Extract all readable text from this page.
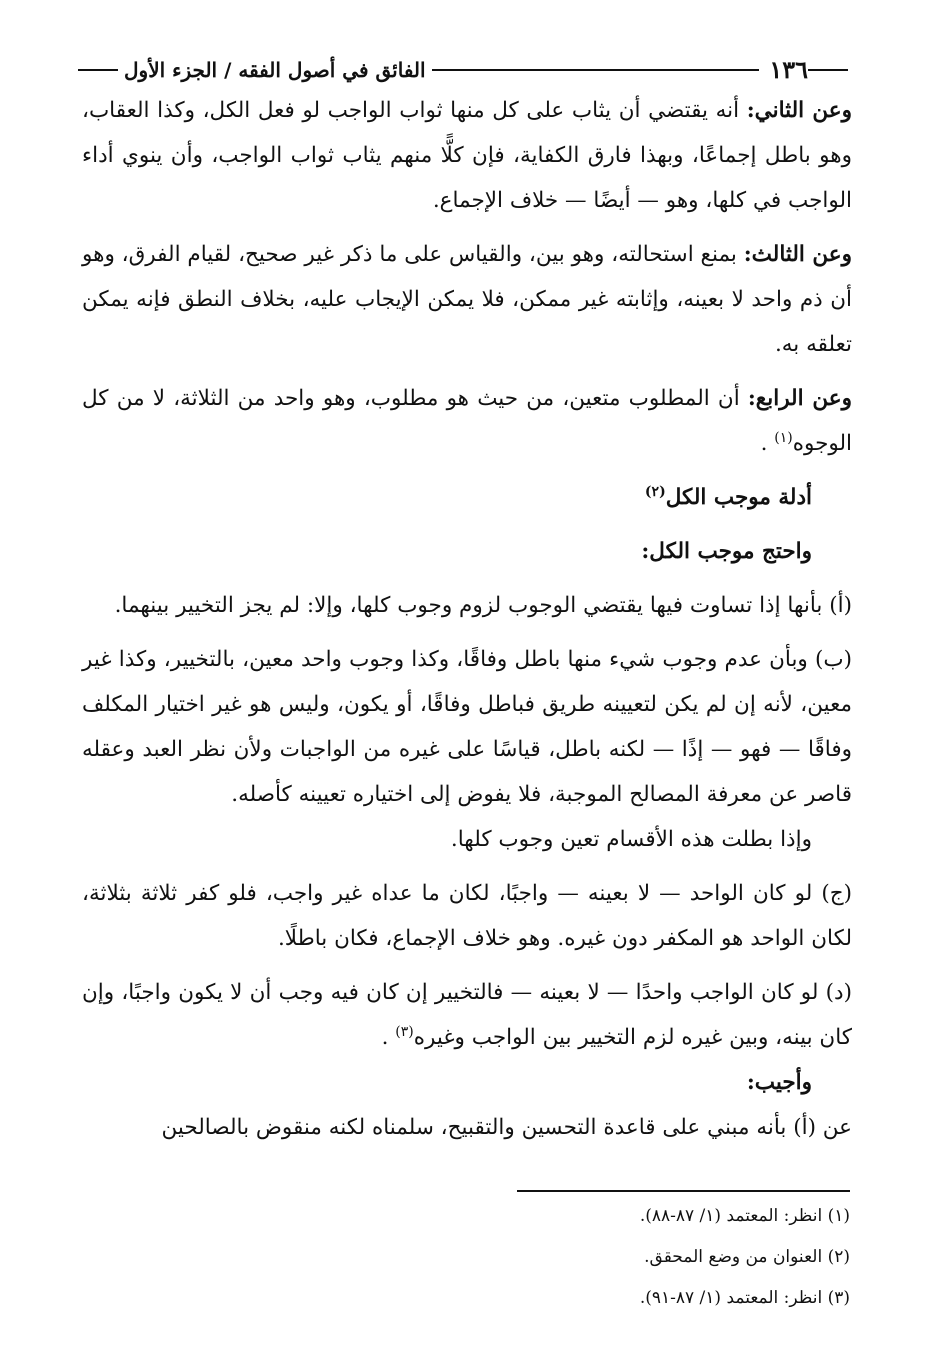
١٣٦
الفائق في أصول الفقه / الجزء الأول

وعن الثاني: أنه يقتضي أن يثاب على كل منها ثواب الواجب لو فعل الكل، وكذا العقاب، وهو باطل إجماعًا، وبهذا فارق الكفاية، فإن كلًّا منهم يثاب ثواب الواجب، وأن ينوي أداء الواجب في كلها، وهو — أيضًا — خلاف الإجماع.

وعن الثالث: بمنع استحالته، وهو بين، والقياس على ما ذكر غير صحيح، لقيام الفرق، وهو أن ذم واحد لا بعينه، وإثابته غير ممكن، فلا يمكن الإيجاب عليه، بخلاف النطق فإنه يمكن تعلقه به.

وعن الرابع: أن المطلوب متعين، من حيث هو مطلوب، وهو واحد من الثلاثة، لا من كل الوجوه$^{(١)}$ .

أدلة موجب الكل$^{(٢)}$

واحتج موجب الكل:

(أ) بأنها إذا تساوت فيها يقتضي الوجوب لزوم وجوب كلها، وإلا: لم يجز التخيير بينهما.

(ب) وبأن عدم وجوب شيء منها باطل وفاقًا، وكذا وجوب واحد معين، بالتخيير، وكذا غير معين، لأنه إن لم يكن لتعيينه طريق فباطل وفاقًا، أو يكون، وليس هو غير اختيار المكلف وفاقًا — فهو — إذًا — لكنه باطل، قياسًا على غيره من الواجبات ولأن نظر العبد وعقله قاصر عن معرفة المصالح الموجبة، فلا يفوض إلى اختياره تعيينه كأصله.

وإذا بطلت هذه الأقسام تعين وجوب كلها.

(ج) لو كان الواحد — لا بعينه — واجبًا، لكان ما عداه غير واجب، فلو كفر ثلاثة بثلاثة، لكان الواحد هو المكفر دون غيره. وهو خلاف الإجماع، فكان باطلًا.

(د) لو كان الواجب واحدًا — لا بعينه — فالتخيير إن كان فيه وجب أن لا يكون واجبًا، وإن كان بينه، وبين غيره لزم التخيير بين الواجب وغيره$^{(٣)}$ .

وأجيب:

عن (أ) بأنه مبني على قاعدة التحسين والتقبيح، سلمناه لكنه منقوض بالصالحين

(١) انظر: المعتمد (١/ ٨٧-٨٨).

(٢) العنوان من وضع المحقق.

(٣) انظر: المعتمد (١/ ٨٧-٩١).
